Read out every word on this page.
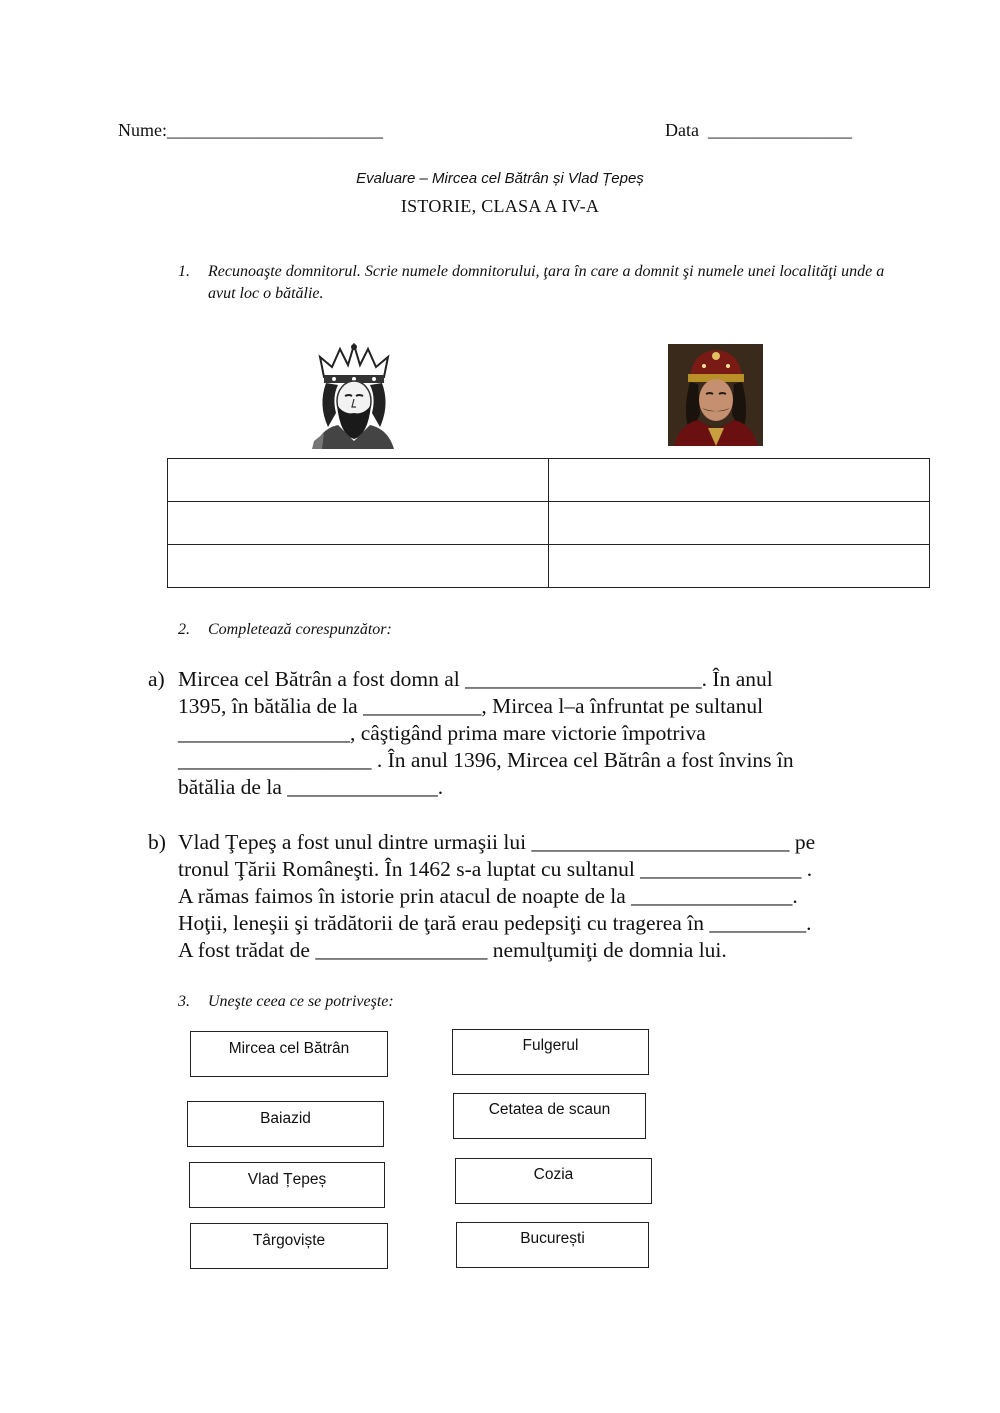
Nume:________________________	Data  ________________
Evaluare – Mircea cel Bătrân și Vlad Țepeș
ISTORIE, CLASA A IV-A
1. Recunoaşte domnitorul. Scrie numele domnitorului, ţara în care a domnit şi numele unei localităţi unde a avut loc o bătălie.

2. Completează corespunzător:
a) Mircea cel Bătrân a fost domn al ______________________. În anul
1395, în bătălia de la ___________, Mircea l–a înfruntat pe sultanul
________________, câştigând prima mare victorie împotriva
__________________ . În anul 1396, Mircea cel Bătrân a fost învins în
bătălia de la ______________.
b) Vlad Ţepeş a fost unul dintre urmaşii lui ________________________ pe
tronul Ţării Româneşti. În 1462 s-a luptat cu sultanul _______________ .
A rămas faimos în istorie prin atacul de noapte de la _______________.
Hoţii, leneşii şi trădătorii de ţară erau pedepsiţi cu tragerea în _________.
A fost trădat de ________________ nemulţumiţi de domnia lui.
3. Uneşte ceea ce se potriveşte:
Mircea cel Bătrân
Baiazid
Vlad Țepeș
Târgoviște
Fulgerul
Cetatea de scaun
Cozia
București
